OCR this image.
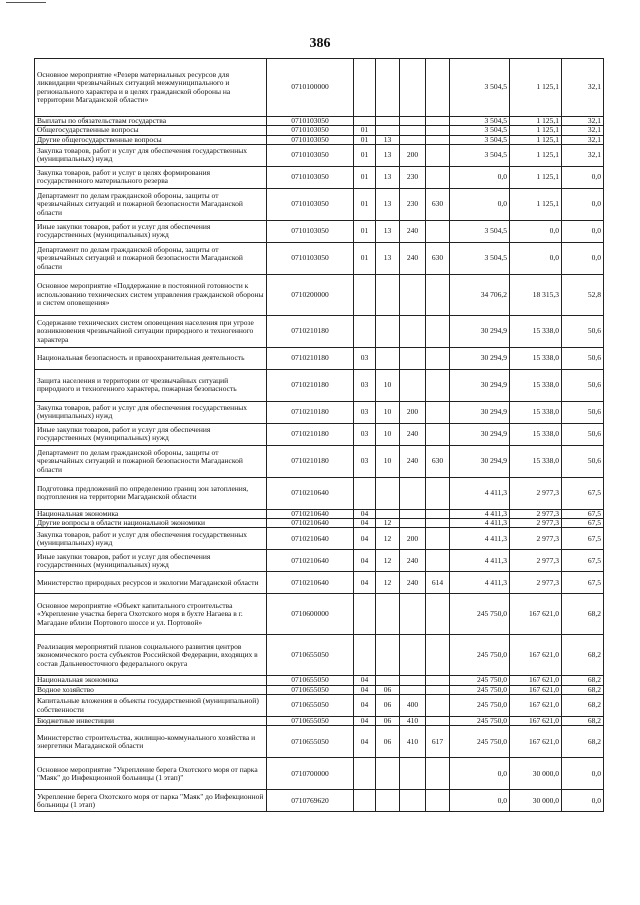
386
Основное мероприятие «Резерв материальных ресурсов для ликвидации чрезвычайных ситуаций межмуниципального и регионального характера и в целях гражданской обороны на территории Магаданской области»	0710100000					3 504,5	1 125,1	32,1
Выплаты по обязательствам государства	0710103050					3 504,5	1 125,1	32,1
Общегосударственные вопросы	0710103050	01				3 504,5	1 125,1	32,1
Другие общегосударственные вопросы	0710103050	01	13			3 504,5	1 125,1	32,1
Закупка товаров, работ и услуг для обеспечения государственных (муниципальных) нужд	0710103050	01	13	200		3 504,5	1 125,1	32,1
Закупка товаров, работ и услуг в целях формирования государственного материального резерва	0710103050	01	13	230		0,0	1 125,1	0,0
Департамент по делам гражданской обороны, защиты от чрезвычайных ситуаций и пожарной безопасности Магаданской области	0710103050	01	13	230	630	0,0	1 125,1	0,0
Иные закупки товаров, работ и услуг для обеспечения государственных (муниципальных) нужд	0710103050	01	13	240		3 504,5	0,0	0,0
Департамент по делам гражданской обороны, защиты от чрезвычайных ситуаций и пожарной безопасности Магаданской области	0710103050	01	13	240	630	3 504,5	0,0	0,0
Основное мероприятие «Поддержание в постоянной готовности к использованию технических систем управления гражданской обороны и систем оповещения»	0710200000					34 706,2	18 315,3	52,8
Содержание технических систем оповещения населения при угрозе возникновения чрезвычайной ситуации природного и техногенного характера	0710210180					30 294,9	15 338,0	50,6
Национальная безопасность и правоохранительная деятельность	0710210180	03				30 294,9	15 338,0	50,6
Защита населения и территории от чрезвычайных ситуаций природного и техногенного характера, пожарная безопасность	0710210180	03	10			30 294,9	15 338,0	50,6
Закупка товаров, работ и услуг для обеспечения государственных (муниципальных) нужд	0710210180	03	10	200		30 294,9	15 338,0	50,6
Иные закупки товаров, работ и услуг для обеспечения государственных (муниципальных) нужд	0710210180	03	10	240		30 294,9	15 338,0	50,6
Департамент по делам гражданской обороны, защиты от чрезвычайных ситуаций и пожарной безопасности Магаданской области	0710210180	03	10	240	630	30 294,9	15 338,0	50,6
Подготовка предложений по определению границ зон затопления, подтопления на территории Магаданской области	0710210640					4 411,3	2 977,3	67,5
Национальная экономика	0710210640	04				4 411,3	2 977,3	67,5
Другие вопросы в области национальной экономики	0710210640	04	12			4 411,3	2 977,3	67,5
Закупка товаров, работ и услуг для обеспечения государственных (муниципальных) нужд	0710210640	04	12	200		4 411,3	2 977,3	67,5
Иные закупки товаров, работ и услуг для обеспечения государственных (муниципальных) нужд	0710210640	04	12	240		4 411,3	2 977,3	67,5
Министерство природных ресурсов и экологии Магаданской области	0710210640	04	12	240	614	4 411,3	2 977,3	67,5
Основное мероприятие «Объект капитального строительства «Укрепление участка берега Охотского моря в бухте Нагаева в г. Магадане вблизи Портового шоссе и ул. Портовой»	0710600000					245 750,0	167 621,0	68,2
Реализация мероприятий планов социального развития центров экономического роста субъектов Российской Федерации, входящих в состав Дальневосточного федерального округа	0710655050					245 750,0	167 621,0	68,2
Национальная экономика	0710655050	04				245 750,0	167 621,0	68,2
Водное хозяйство	0710655050	04	06			245 750,0	167 621,0	68,2
Капитальные вложения в объекты государственной (муниципальной) собственности	0710655050	04	06	400		245 750,0	167 621,0	68,2
Бюджетные инвестиции	0710655050	04	06	410		245 750,0	167 621,0	68,2
Министерство строительства, жилищно-коммунального хозяйства и энергетики Магаданской области	0710655050	04	06	410	617	245 750,0	167 621,0	68,2
Основное мероприятие "Укрепление берега Охотского моря от парка "Маяк" до Инфекционной больницы (1 этап)"	0710700000					0,0	30 000,0	0,0
Укрепление берега Охотского моря от парка "Маяк" до Инфекционной больницы (1 этап)	0710769620					0,0	30 000,0	0,0
